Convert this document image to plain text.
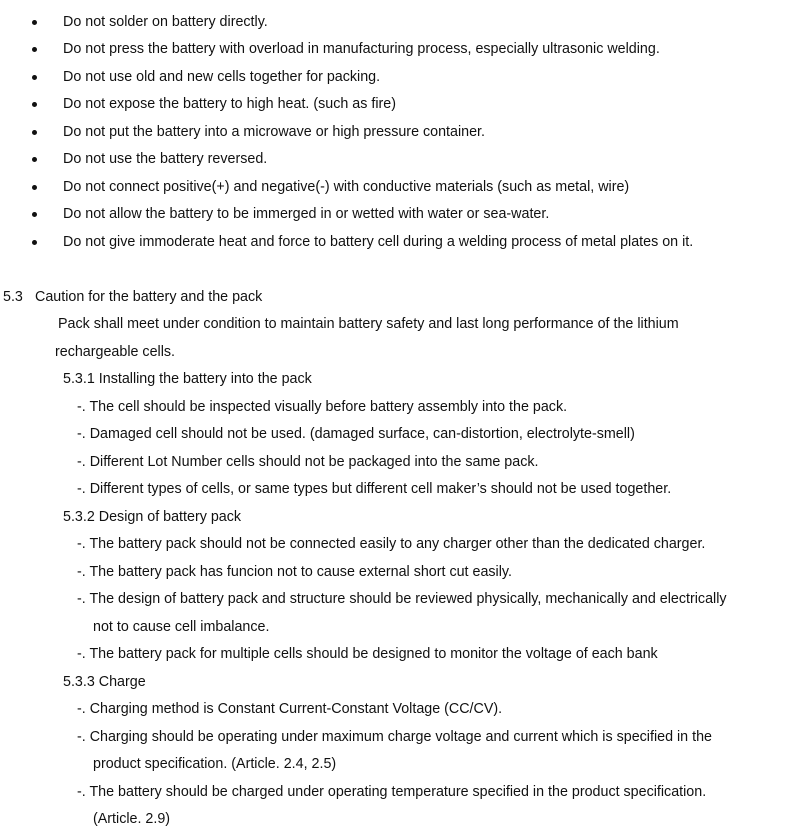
Do not solder on battery directly.
Do not press the battery with overload in manufacturing process, especially ultrasonic welding.
Do not use old and new cells together for packing.
Do not expose the battery to high heat. (such as fire)
Do not put the battery into a microwave or high pressure container.
Do not use the battery reversed.
Do not connect positive(+) and negative(-) with conductive materials (such as metal, wire)
Do not allow the battery to be immerged in or wetted with water or sea-water.
Do not give immoderate heat and force to battery cell during a welding process of metal plates on it.
5.3 Caution for the battery and the pack
Pack shall meet under condition to maintain battery safety and last long performance of the lithium
rechargeable cells.
5.3.1 Installing the battery into the pack
-. The cell should be inspected visually before battery assembly into the pack.
-. Damaged cell should not be used. (damaged surface, can-distortion, electrolyte-smell)
-. Different Lot Number cells should not be packaged into the same pack.
-. Different types of cells, or same types but different cell maker’s should not be used together.
5.3.2 Design of battery pack
-. The battery pack should not be connected easily to any charger other than the dedicated charger.
-. The battery pack has funcion not to cause external short cut easily.
-. The design of battery pack and structure should be reviewed physically, mechanically and electrically
not to cause cell imbalance.
-. The battery pack for multiple cells should be designed to monitor the voltage of each bank
5.3.3 Charge
-. Charging method is Constant Current-Constant Voltage (CC/CV).
-. Charging should be operating under maximum charge voltage and current which is specified in the
product specification. (Article. 2.4, 2.5)
-. The battery should be charged under operating temperature specified in the product specification.
(Article. 2.9)
